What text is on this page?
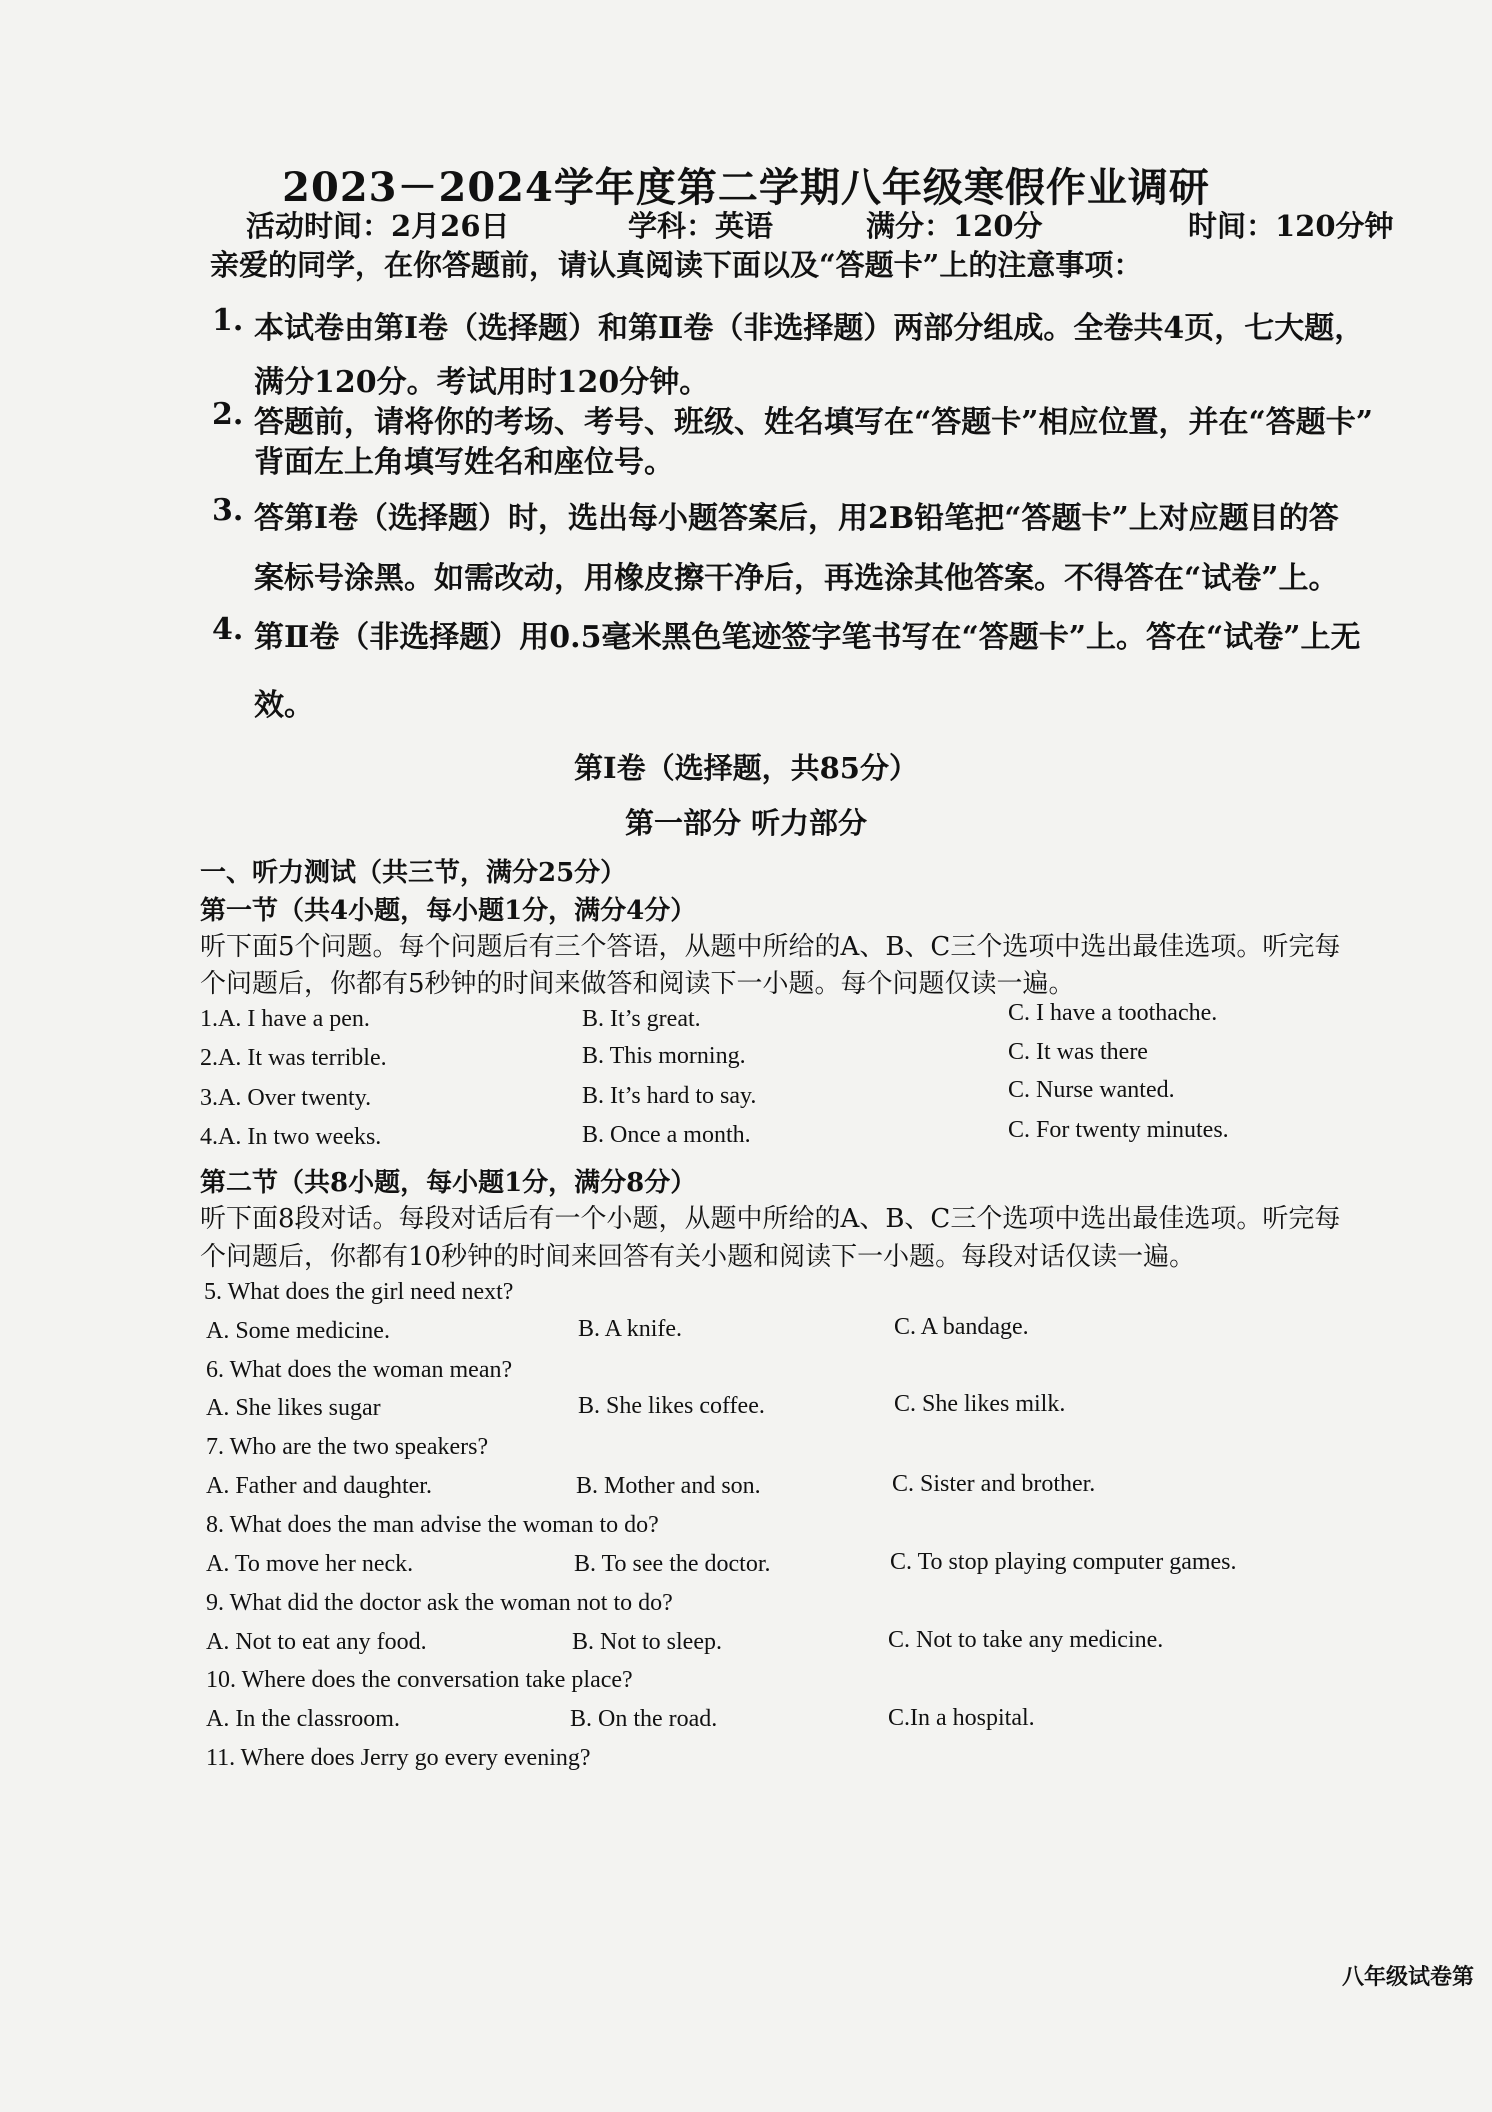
2023－2024学年度第二学期八年级寒假作业调研
活动时间：2月26日	学科：英语	满分：120分	时间：120分钟
亲爱的同学，在你答题前，请认真阅读下面以及“答题卡”上的注意事项：
1. 本试卷由第Ⅰ卷（选择题）和第Ⅱ卷（非选择题）两部分组成。全卷共4页，七大题，
满分120分。考试用时120分钟。
2. 答题前，请将你的考场、考号、班级、姓名填写在“答题卡”相应位置，并在“答题卡”
背面左上角填写姓名和座位号。
3. 答第Ⅰ卷（选择题）时，选出每小题答案后，用2B铅笔把“答题卡”上对应题目的答
案标号涂黑。如需改动，用橡皮擦干净后，再选涂其他答案。不得答在“试卷”上。
4. 第Ⅱ卷（非选择题）用0.5毫米黑色笔迹签字笔书写在“答题卡”上。答在“试卷”上无
效。
第Ⅰ卷（选择题，共85分）
第一部分 听力部分
一、听力测试（共三节，满分25分）
第一节（共4小题，每小题1分，满分4分）
听下面5个问题。每个问题后有三个答语，从题中所给的A、B、C三个选项中选出最佳选项。听完每
个问题后，你都有5秒钟的时间来做答和阅读下一小题。每个问题仅读一遍。
1.A. I have a pen.	B. It’s great.	C. I have a toothache.
2.A. It was terrible.	B. This morning.	C. It was there
3.A. Over twenty.	B. It’s hard to say.	C. Nurse wanted.
4.A. In two weeks.	B. Once a month.	C. For twenty minutes.
第二节（共8小题，每小题1分，满分8分）
听下面8段对话。每段对话后有一个小题，从题中所给的A、B、C三个选项中选出最佳选项。听完每
个问题后，你都有10秒钟的时间来回答有关小题和阅读下一小题。每段对话仅读一遍。
5. What does the girl need next?
A. Some medicine.	B. A knife.	C. A bandage.
6. What does the woman mean?
A. She likes sugar	B. She likes coffee.	C. She likes milk.
7. Who are the two speakers?
A. Father and daughter.	B. Mother and son.	C. Sister and brother.
8. What does the man advise the woman to do?
A. To move her neck.	B. To see the doctor.	C. To stop playing computer games.
9. What did the doctor ask the woman not to do?
A. Not to eat any food.	B. Not to sleep.	C. Not to take any medicine.
10. Where does the conversation take place?
A. In the classroom.	B. On the road.	C.In a hospital.
11. Where does Jerry go every evening?
八年级试卷第
